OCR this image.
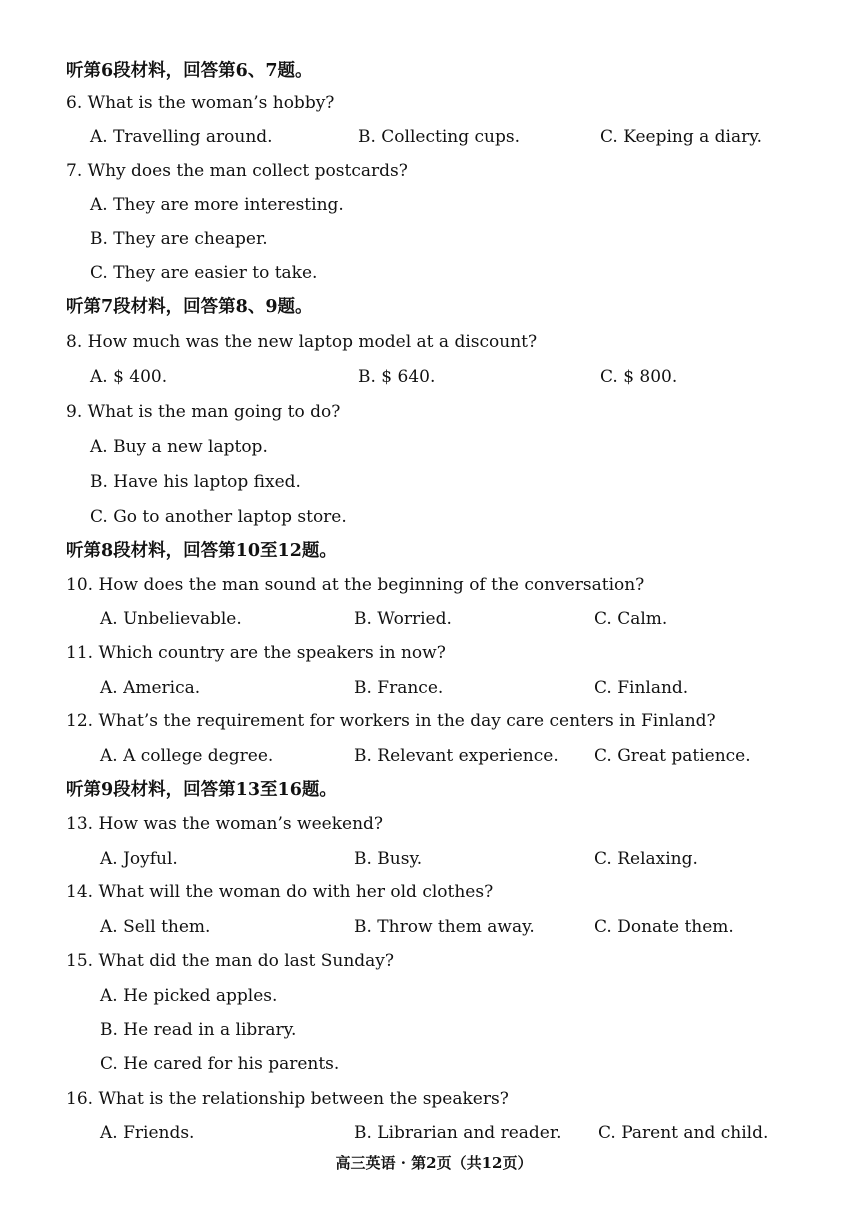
听第6段材料，回答第6、7题。
6. What is the woman’s hobby?
A. Travelling around.	B. Collecting cups.	C. Keeping a diary.
7. Why does the man collect postcards?
A. They are more interesting.
B. They are cheaper.
C. They are easier to take.
听第7段材料，回答第8、9题。
8. How much was the new laptop model at a discount?
A. $ 400.	B. $ 640.	C. $ 800.
9. What is the man going to do?
A. Buy a new laptop.
B. Have his laptop fixed.
C. Go to another laptop store.
听第8段材料，回答第10至12题。
10. How does the man sound at the beginning of the conversation?
A. Unbelievable.	B. Worried.	C. Calm.
11. Which country are the speakers in now?
A. America.	B. France.	C. Finland.
12. What’s the requirement for workers in the day care centers in Finland?
A. A college degree.	B. Relevant experience. C. Great patience.
听第9段材料，回答第13至16题。
13. How was the woman’s weekend?
A. Joyful.	B. Busy.	C. Relaxing.
14. What will the woman do with her old clothes?
A. Sell them.	B. Throw them away.	C. Donate them.
15. What did the man do last Sunday?
A. He picked apples.
B. He read in a library.
C. He cared for his parents.
16. What is the relationship between the speakers?
A. Friends.	B. Librarian and reader. C. Parent and child.
高三英语 · 第2页（共12页）
